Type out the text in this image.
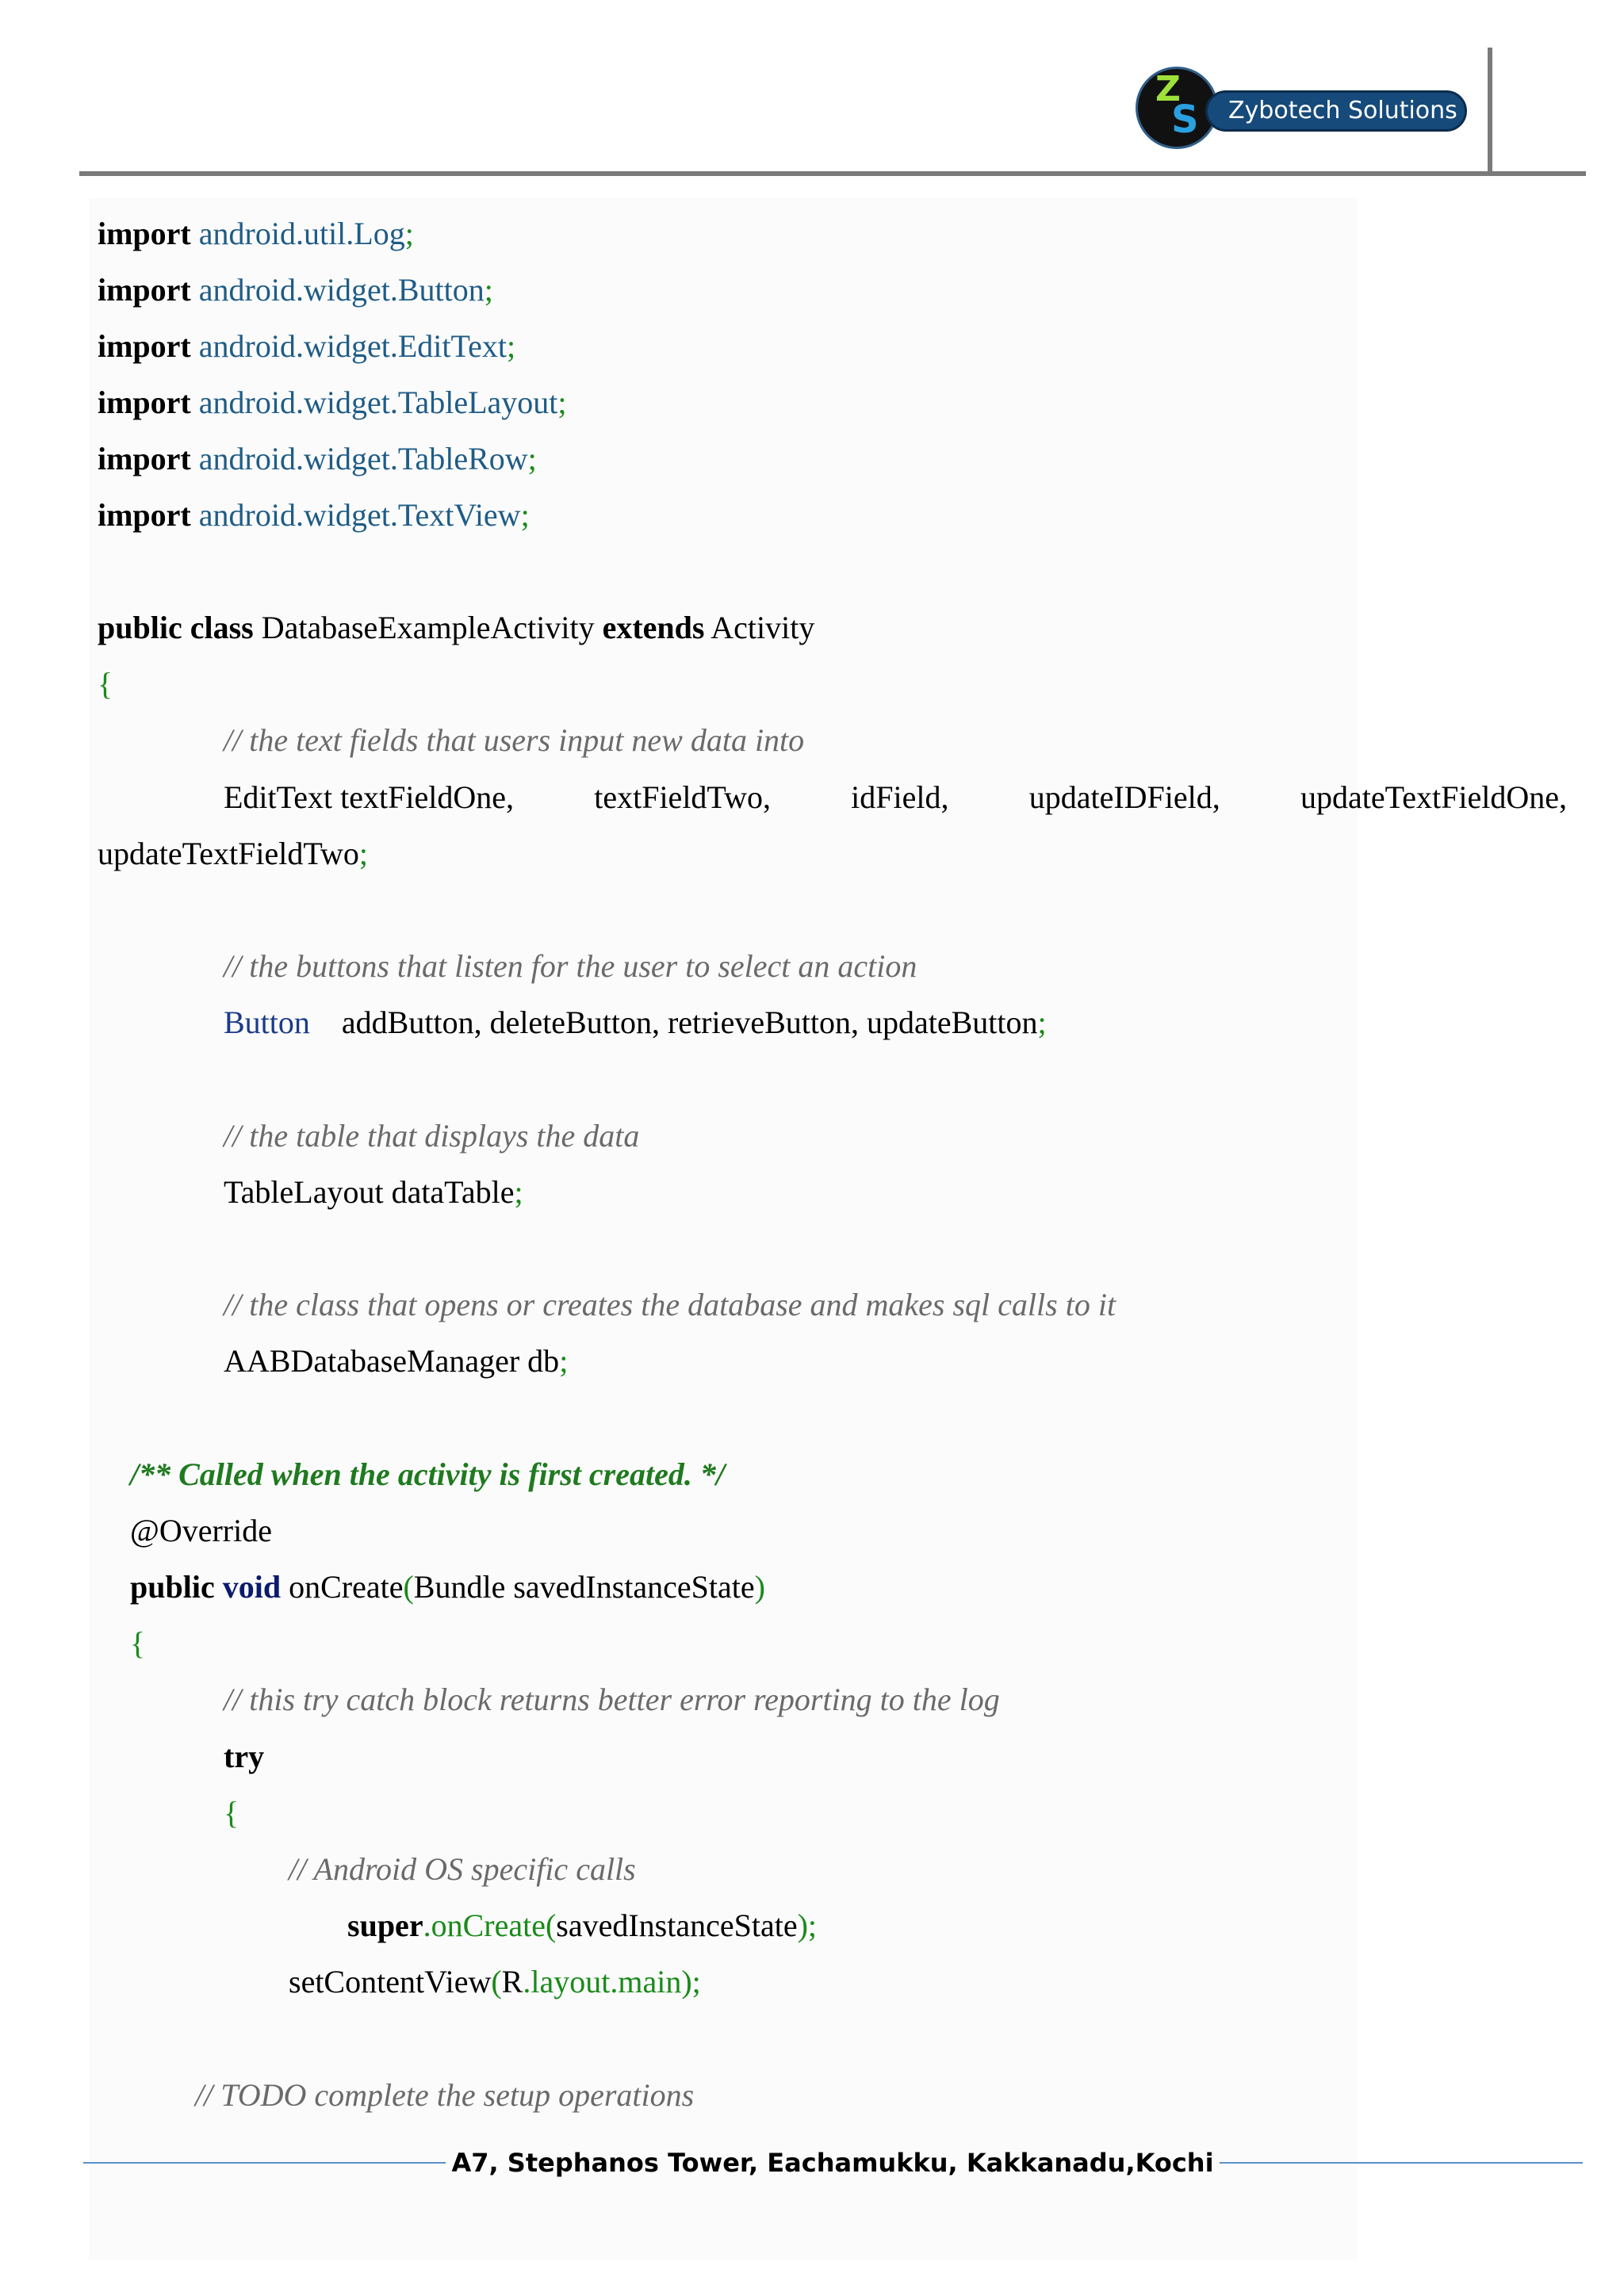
Z
S	Zybotech Solutions
import android.util.Log;
import android.widget.Button;
import android.widget.EditText;
import android.widget.TableLayout;
import android.widget.TableRow;
import android.widget.TextView;
public class DatabaseExampleActivity extends Activity
{
// the text fields that users input new data into
EditText textFieldOne,	textFieldTwo,	idField,	updateIDField,	updateTextFieldOne,
updateTextFieldTwo;
// the buttons that listen for the user to select an action
Button addButton, deleteButton, retrieveButton, updateButton;
// the table that displays the data
TableLayout dataTable;
// the class that opens or creates the database and makes sql calls to it
AABDatabaseManager db;
/** Called when the activity is first created. */
@Override
public void onCreate(Bundle savedInstanceState)
{
// this try catch block returns better error reporting to the log
try
{
// Android OS specific calls
super.onCreate(savedInstanceState);
setContentView(R.layout.main);
// TODO complete the setup operations
A7, Stephanos Tower, Eachamukku, Kakkanadu,Kochi
